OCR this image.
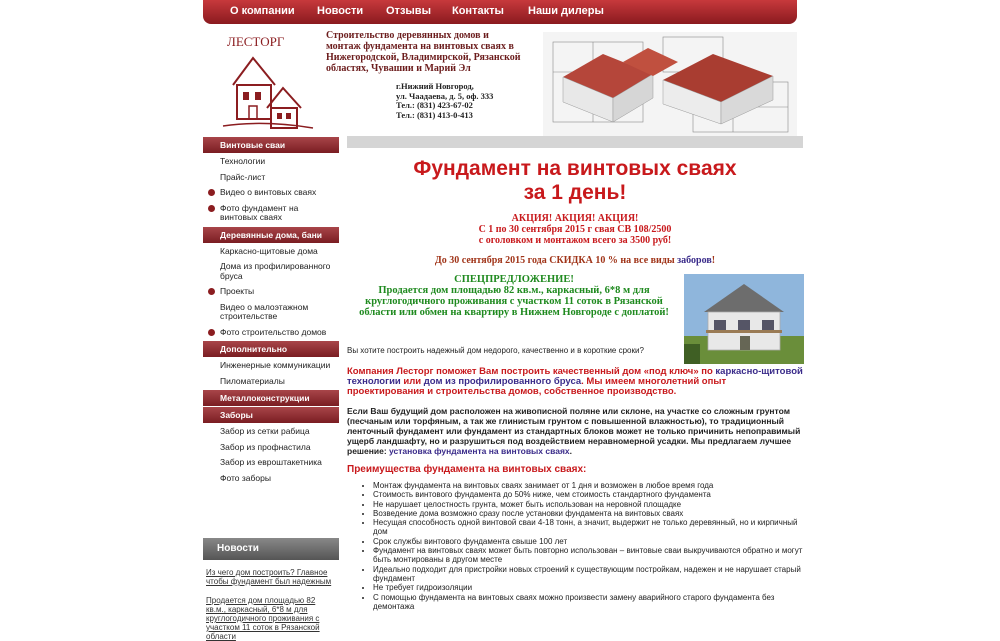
О компании Новости Отзывы Контакты Наши дилеры
ЛЕСТОРГ	Строительство деревянных домов и
монтаж фундамента на винтовых сваях в
Нижегородской, Владимирской, Рязанской
областях, Чувашии и Марий Эл
г.Нижний Новгород,
ул. Чаадаева, д. 5, оф. 333
Тел.: (831) 423-67-02
Тел.: (831) 413-0-413
Винтовые сваи
Технологии
Прайс-лист
Видео о винтовых сваях
Фото фундамент на винтовых сваях
Деревянные дома, бани
Каркасно-щитовые дома
Дома из профилированного бруса
Проекты
Видео о малоэтажном строительстве
Фото строительство домов
Дополнительно
Инженерные коммуникации
Пиломатериалы
Металлоконструкции
Заборы
Забор из сетки рабица
Забор из профнастила
Забор из евроштакетника
Фото заборы
Новости
Из чего дом построить? Главное чтобы фундамент был надежным
Продается дом площадью 82 кв.м., каркасный, 6*8 м для круглогодичного проживания с участком 11 соток в Рязанской области
Фундамент на винтовых сваях
за 1 день!
АКЦИЯ! АКЦИЯ! АКЦИЯ!
С 1 по 30 сентября 2015 г свая СВ 108/2500
с оголовком и монтажом всего за 3500 руб!
До 30 сентября 2015 года СКИДКА 10 % на все виды заборов!
СПЕЦПРЕДЛОЖЕНИЕ!
Продается дом площадью 82 кв.м., каркасный, 6*8 м для круглогодичного проживания с участком 11 соток в Рязанской области или обмен на квартиру в Нижнем Новгороде с доплатой!
Вы хотите построить надежный дом недорого, качественно и в короткие сроки?
Компания Лесторг поможет Вам построить качественный дом «под ключ» по каркасно-щитовой технологии или дом из профилированного бруса. Мы имеем многолетний опыт проектирования и строительства домов, собственное производство.
Если Ваш будущий дом расположен на живописной поляне или склоне, на участке со сложным грунтом (песчаным или торфяным, а так же глинистым грунтом с повышенной влажностью), то традиционный ленточный фундамент или фундамент из стандартных блоков может не только причинить непоправимый ущерб ландшафту, но и разрушиться под воздействием неравномерной усадки. Мы предлагаем лучшее решение: установка фундамента на винтовых сваях.
Преимущества фундамента на винтовых сваях:
• Монтаж фундамента на винтовых сваях занимает от 1 дня и возможен в любое время года
• Стоимость винтового фундамента до 50% ниже, чем стоимость стандартного фундамента
• Не нарушает целостность грунта, может быть использован на неровной площадке
• Возведение дома возможно сразу после установки фундамента на винтовых сваях
• Несущая способность одной винтовой сваи 4-18 тонн, а значит, выдержит не только деревянный, но и кирпичный дом
• Срок службы винтового фундамента свыше 100 лет
• Фундамент на винтовых сваях может быть повторно использован – винтовые сваи выкручиваются обратно и могут быть монтированы в другом месте
• Идеально подходит для пристройки новых строений к существующим постройкам, надежен и не нарушает старый фундамент
• Не требует гидроизоляции
• С помощью фундамента на винтовых сваях можно произвести замену аварийного старого фундамента без демонтажа
